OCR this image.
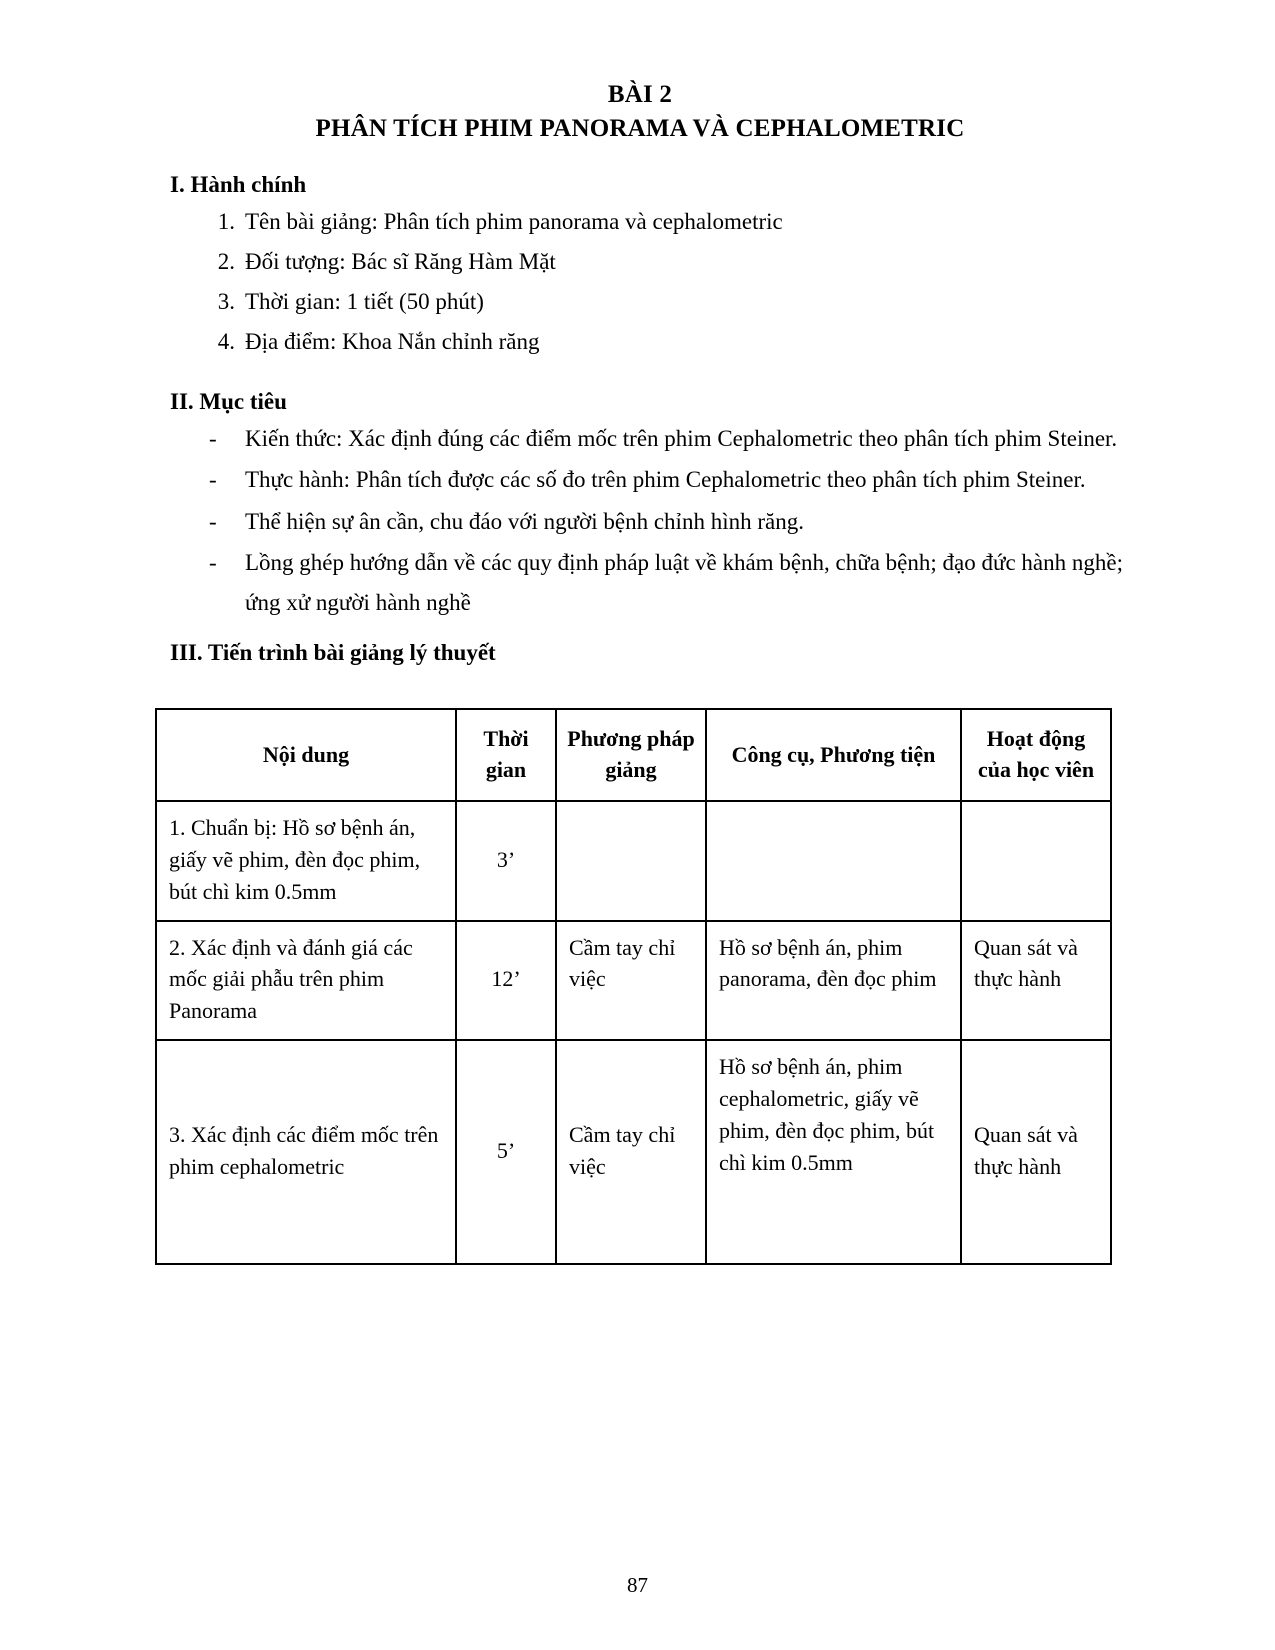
BÀI 2
PHÂN TÍCH PHIM PANORAMA VÀ CEPHALOMETRIC
I. Hành chính
1. Tên bài giảng: Phân tích phim panorama và cephalometric
2. Đối tượng: Bác sĩ Răng Hàm Mặt
3. Thời gian: 1 tiết (50 phút)
4. Địa điểm: Khoa Nắn chỉnh răng
II. Mục tiêu
- Kiến thức: Xác định đúng các điểm mốc trên phim Cephalometric theo phân tích phim Steiner.
- Thực hành: Phân tích được các số đo trên phim Cephalometric theo phân tích phim Steiner.
- Thể hiện sự ân cần, chu đáo với người bệnh chỉnh hình răng.
- Lồng ghép hướng dẫn về các quy định pháp luật về khám bệnh, chữa bệnh; đạo đức hành nghề; ứng xử người hành nghề
III. Tiến trình bài giảng lý thuyết
Nội dung	Thời gian	Phương pháp giảng	Công cụ, Phương tiện	Hoạt động của học viên
1. Chuẩn bị: Hồ sơ bệnh án, giấy vẽ phim, đèn đọc phim, bút chì kim 0.5mm	3’			
2. Xác định và đánh giá các mốc giải phẫu trên phim Panorama	12’	Cầm tay chỉ việc	Hồ sơ bệnh án, phim panorama, đèn đọc phim	Quan sát và thực hành
3. Xác định các điểm mốc trên phim cephalometric	5’	Cầm tay chỉ việc	Hồ sơ bệnh án, phim cephalometric, giấy vẽ phim, đèn đọc phim, bút chì kim 0.5mm	Quan sát và thực hành
87
